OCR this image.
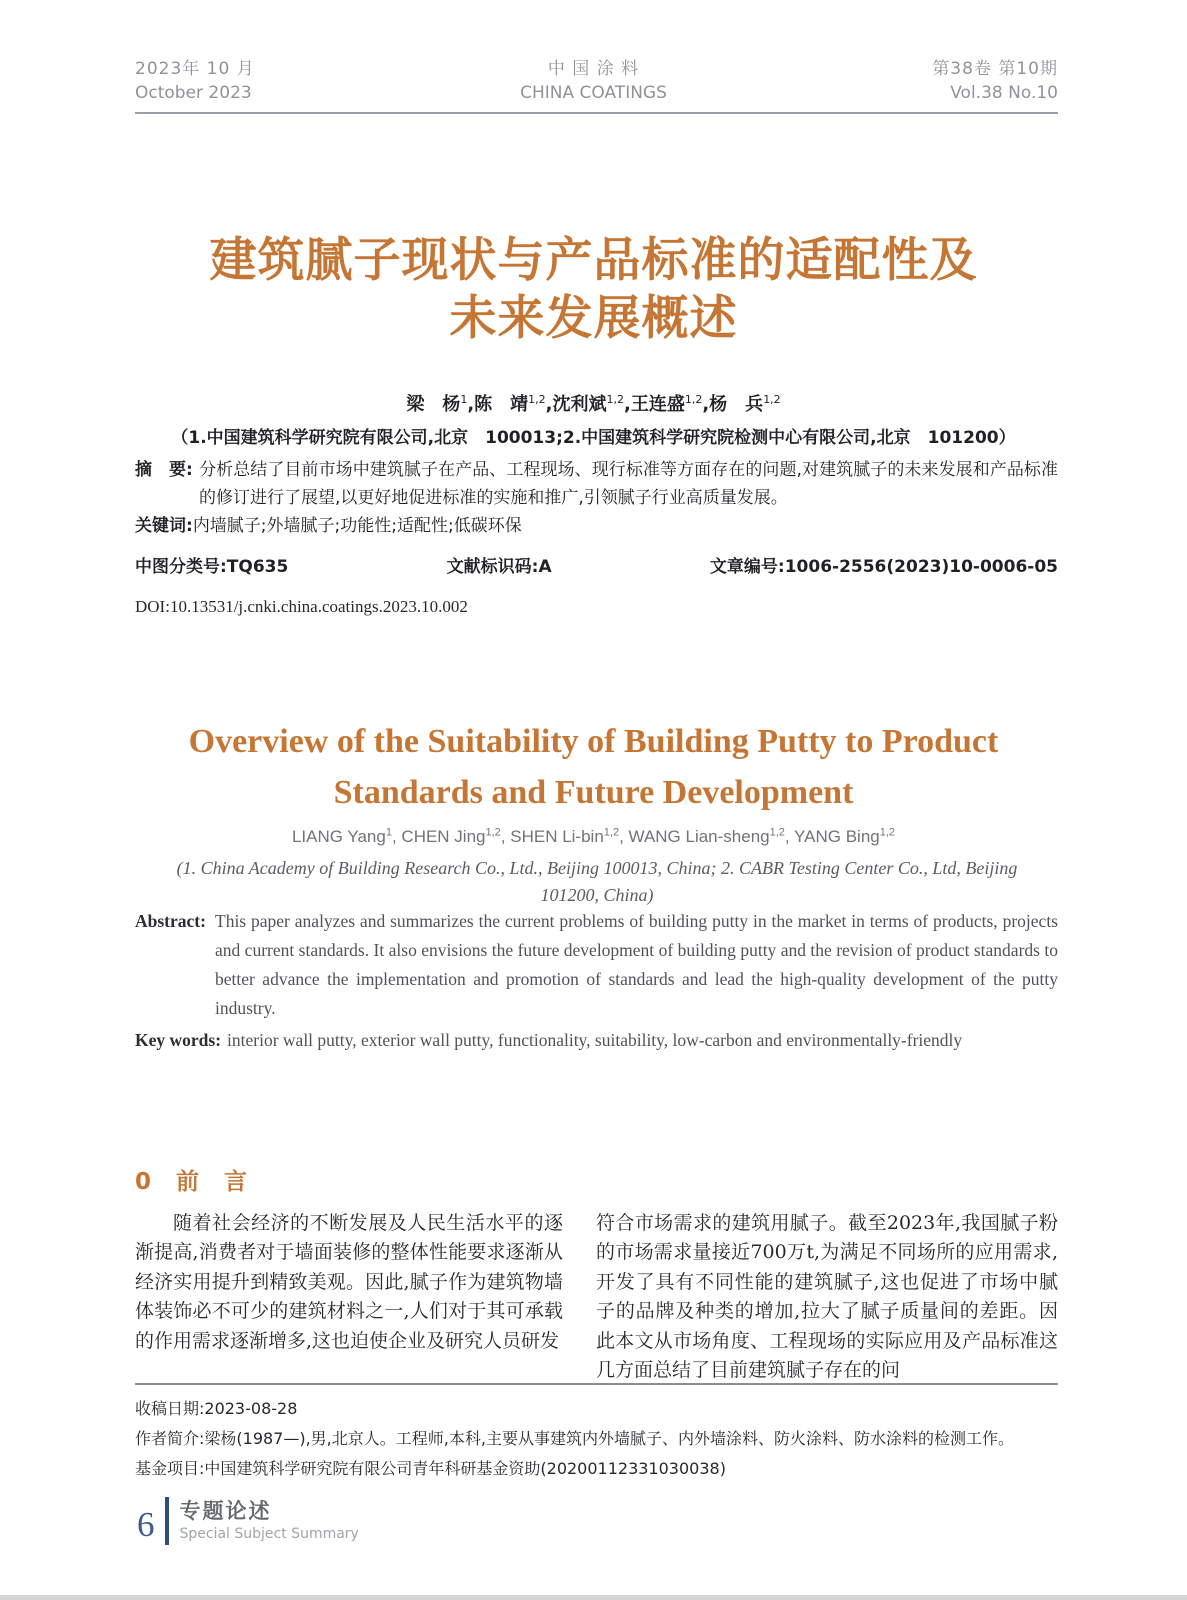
2023年 10 月
October 2023
中 国 涂 料
CHINA COATINGS
第38卷 第10期
Vol.38 No.10
建筑腻子现状与产品标准的适配性及
未来发展概述
梁　杨$^1$,陈　靖$^{1,2}$,沈利斌$^{1,2}$,王连盛$^{1,2}$,杨　兵$^{1,2}$
（1.中国建筑科学研究院有限公司,北京　100013;2.中国建筑科学研究院检测中心有限公司,北京　101200）

摘　要: 分析总结了目前市场中建筑腻子在产品、工程现场、现行标准等方面存在的问题,对建筑腻子的未来发展和产品标准的修订进行了展望,以更好地促进标准的实施和推广,引领腻子行业高质量发展。

关键词:内墙腻子;外墙腻子;功能性;适配性;低碳环保

中图分类号:TQ635	文献标识码:A	文章编号:1006-2556(2023)10-0006-05
DOI:10.13531/j.cnki.china.coatings.2023.10.002
Overview of the Suitability of Building Putty to Product
Standards and Future Development
LIANG Yang$^1$, CHEN Jing$^{1,2}$, SHEN Li-bin$^{1,2}$, WANG Lian-sheng$^{1,2}$, YANG Bing$^{1,2}$
(1. China Academy of Building Research Co., Ltd., Beijing 100013, China; 2. CABR Testing Center Co., Ltd, Beijing 101200, China)

Abstract: This paper analyzes and summarizes the current problems of building putty in the market in terms of products, projects and current standards. It also envisions the future development of building putty and the revision of product standards to better advance the implementation and promotion of standards and lead the high-quality development of the putty industry.

Key words: interior wall putty, exterior wall putty, functionality, suitability, low-carbon and environmentally-friendly

0　前　言

随着社会经济的不断发展及人民生活水平的逐渐提高,消费者对于墙面装修的整体性能要求逐渐从经济实用提升到精致美观。因此,腻子作为建筑物墙体装饰必不可少的建筑材料之一,人们对于其可承载的作用需求逐渐增多,这也迫使企业及研究人员研发

符合市场需求的建筑用腻子。截至2023年,我国腻子粉的市场需求量接近700万t,为满足不同场所的应用需求,开发了具有不同性能的建筑腻子,这也促进了市场中腻子的品牌及种类的增加,拉大了腻子质量间的差距。因此本文从市场角度、工程现场的实际应用及产品标准这几方面总结了目前建筑腻子存在的问

收稿日期:2023-08-28
作者简介:梁杨(1987—),男,北京人。工程师,本科,主要从事建筑内外墙腻子、内外墙涂料、防火涂料、防水涂料的检测工作。
基金项目:中国建筑科学研究院有限公司青年科研基金资助(20200112331030038)
6 专题论述
Special Subject Summary
